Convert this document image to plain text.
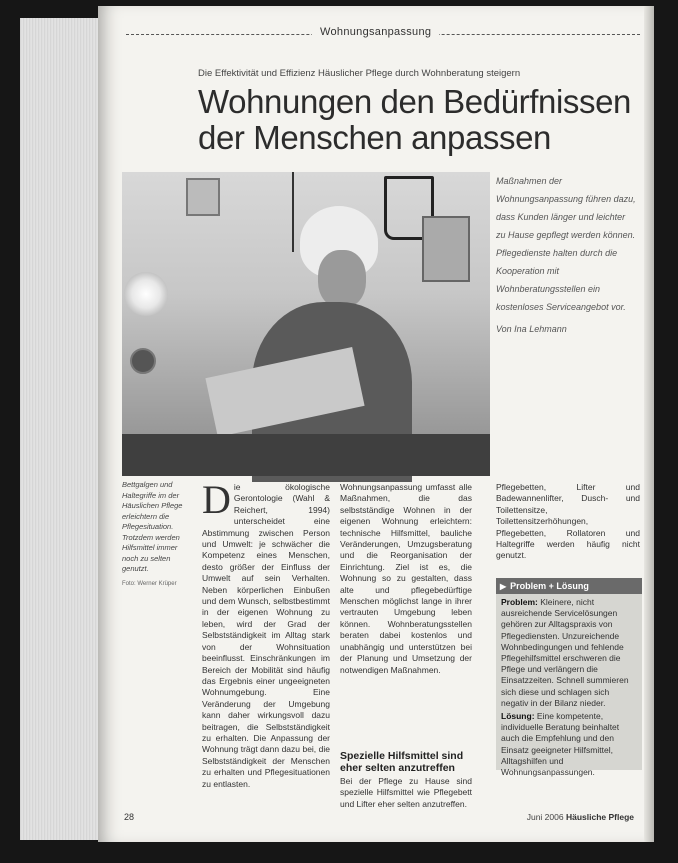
Wohnungsanpassung
Die Effektivität und Effizienz Häuslicher Pflege durch Wohnberatung steigern
Wohnungen den Bedürfnissen
der Menschen anpassen

Maßnahmen der Wohnungsanpassung führen dazu, dass Kunden länger und leichter zu Hause gepflegt werden können. Pflegedienste halten durch die Kooperation mit Wohnberatungsstellen ein kostenloses Serviceangebot vor.
Von Ina Lehmann

Bettgalgen und Haltegriffe im der Häuslichen Pflege erleichtern die Pflegesituation. Trotzdem werden Hilfsmittel immer noch zu selten genutzt.
Foto: Werner Krüper

Die ökologische Gerontologie (Wahl & Reichert, 1994) unterscheidet eine Abstimmung zwischen Person und Umwelt: je schwächer die Kompetenz eines Menschen, desto größer der Einfluss der Umwelt auf sein Verhalten. Neben körperlichen Einbußen und dem Wunsch, selbstbestimmt in der eigenen Wohnung zu leben, wird der Grad der Selbstständigkeit im Alltag stark von der Wohnsituation beeinflusst. Einschränkungen im Bereich der Mobilität sind häufig das Ergebnis einer ungeeigneten Wohnumgebung. Eine Veränderung der Umgebung kann daher wirkungsvoll dazu beitragen, die Selbstständigkeit zu erhalten. Die Anpassung der Wohnung trägt dann dazu bei, die Selbstständigkeit der Menschen zu erhalten und Pflegesituationen zu entlasten.

Wohnungsanpassung umfasst alle Maßnahmen, die das selbstständige Wohnen in der eigenen Wohnung erleichtern: technische Hilfsmittel, bauliche Veränderungen, Umzugsberatung und die Reorganisation der Einrichtung. Ziel ist es, die Wohnung so zu gestalten, dass alte und pflegebedürftige Menschen möglichst lange in ihrer vertrauten Umgebung leben können. Wohnberatungsstellen beraten dabei kostenlos und unabhängig und unterstützen bei der Planung und Umsetzung der notwendigen Maßnahmen.

Spezielle Hilfsmittel sind eher selten anzutreffen

Bei der Pflege zu Hause sind spezielle Hilfsmittel wie Pflegebett und Lifter eher selten anzutreffen.

Pflegebetten, Lifter und Badewannenlifter, Dusch- und Toilettensitze, Toilettensitzerhöhungen, Pflegebetten, Rollatoren und Haltegriffe werden häufig nicht genutzt.

▶ Problem + Lösung

Problem: Kleinere, nicht ausreichende Servicelösungen gehören zur Alltagspraxis von Pflegediensten. Unzureichende Wohnbedingungen und fehlende Pflegehilfsmittel erschweren die Pflege und verlängern die Einsatzzeiten. Schnell summieren sich diese und schlagen sich negativ in der Bilanz nieder.

Lösung: Eine kompetente, individuelle Beratung beinhaltet auch die Empfehlung und den Einsatz geeigneter Hilfsmittel, Alltagshilfen und Wohnungsanpassungen.

28	Juni 2006 Häusliche Pflege
